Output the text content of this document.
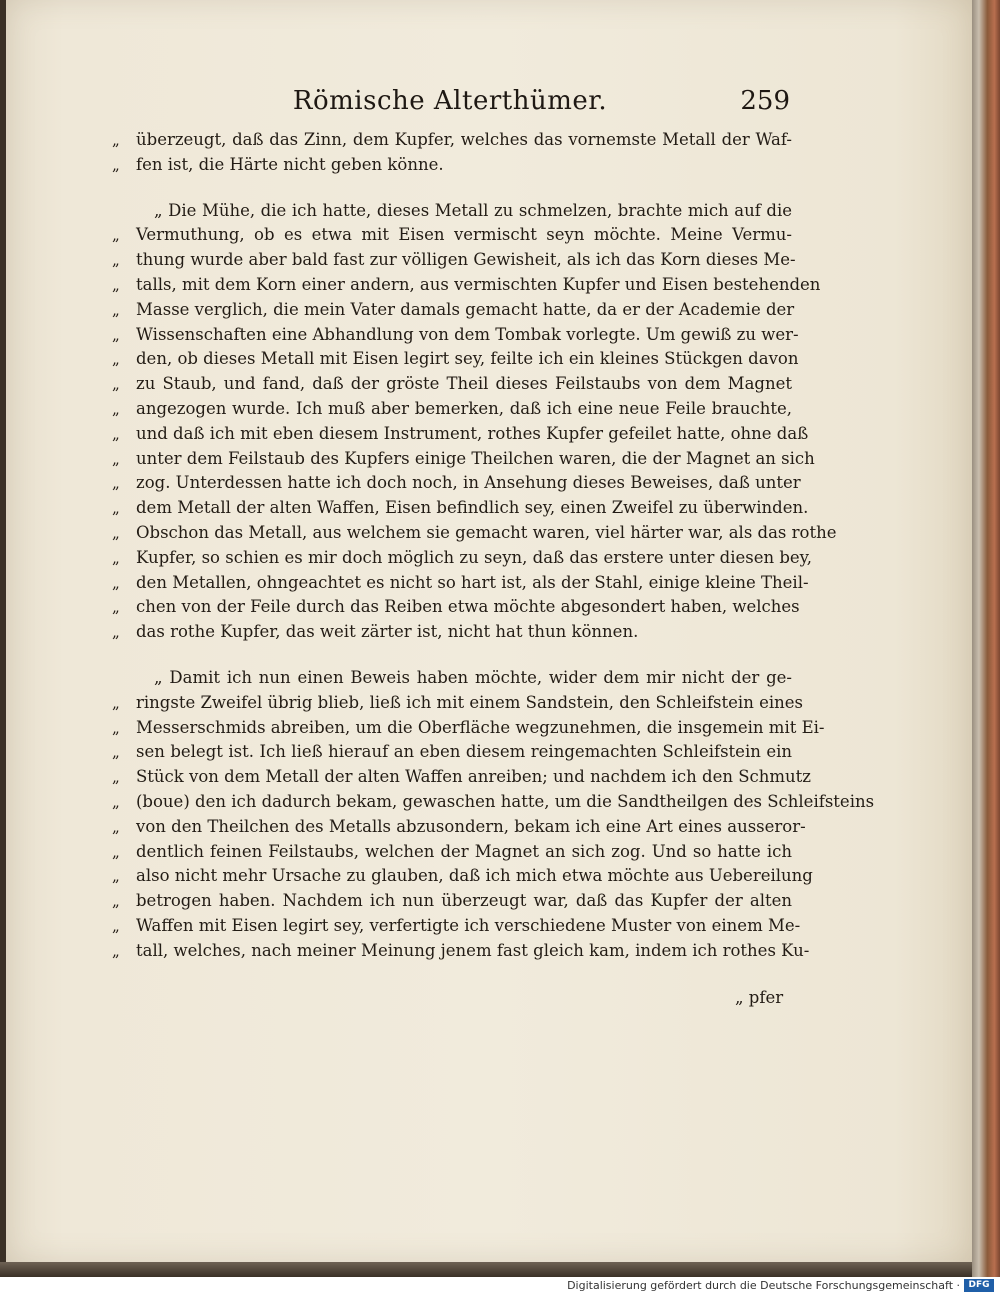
Römische Alterthümer.	259
„ überzeugt, daß das Zinn, dem Kupfer, welches das vornemste Metall der Waf-
„ fen ist, die Härte nicht geben könne.
„ Die Mühe, die ich hatte, dieses Metall zu schmelzen, brachte mich auf die
„ Vermuthung, ob es etwa mit Eisen vermischt seyn möchte. Meine Vermu-
„ thung wurde aber bald fast zur völligen Gewisheit, als ich das Korn dieses Me-
„ talls, mit dem Korn einer andern, aus vermischten Kupfer und Eisen bestehenden
„ Masse verglich, die mein Vater damals gemacht hatte, da er der Academie der
„ Wissenschaften eine Abhandlung von dem Tombak vorlegte. Um gewiß zu wer-
„ den, ob dieses Metall mit Eisen legirt sey, feilte ich ein kleines Stückgen davon
„ zu Staub, und fand, daß der gröste Theil dieses Feilstaubs von dem Magnet
„ angezogen wurde. Ich muß aber bemerken, daß ich eine neue Feile brauchte,
„ und daß ich mit eben diesem Instrument, rothes Kupfer gefeilet hatte, ohne daß
„ unter dem Feilstaub des Kupfers einige Theilchen waren, die der Magnet an sich
„ zog. Unterdessen hatte ich doch noch, in Ansehung dieses Beweises, daß unter
„ dem Metall der alten Waffen, Eisen befindlich sey, einen Zweifel zu überwinden.
„ Obschon das Metall, aus welchem sie gemacht waren, viel härter war, als das rothe
„ Kupfer, so schien es mir doch möglich zu seyn, daß das erstere unter diesen bey,
„ den Metallen, ohngeachtet es nicht so hart ist, als der Stahl, einige kleine Theil-
„ chen von der Feile durch das Reiben etwa möchte abgesondert haben, welches
„ das rothe Kupfer, das weit zärter ist, nicht hat thun können.
„ Damit ich nun einen Beweis haben möchte, wider dem mir nicht der ge-
„ ringste Zweifel übrig blieb, ließ ich mit einem Sandstein, den Schleifstein eines
„ Messerschmids abreiben, um die Oberfläche wegzunehmen, die insgemein mit Ei-
„ sen belegt ist. Ich ließ hierauf an eben diesem reingemachten Schleifstein ein
„ Stück von dem Metall der alten Waffen anreiben; und nachdem ich den Schmutz
„ (boue) den ich dadurch bekam, gewaschen hatte, um die Sandtheilgen des Schleifsteins
„ von den Theilchen des Metalls abzusondern, bekam ich eine Art eines ausseror-
„ dentlich feinen Feilstaubs, welchen der Magnet an sich zog. Und so hatte ich
„ also nicht mehr Ursache zu glauben, daß ich mich etwa möchte aus Uebereilung
„ betrogen haben. Nachdem ich nun überzeugt war, daß das Kupfer der alten
„ Waffen mit Eisen legirt sey, verfertigte ich verschiedene Muster von einem Me-
„ tall, welches, nach meiner Meinung jenem fast gleich kam, indem ich rothes Ku-
„ pfer
Digitalisierung gefördert durch die Deutsche Forschungsgemeinschaft · DFG
